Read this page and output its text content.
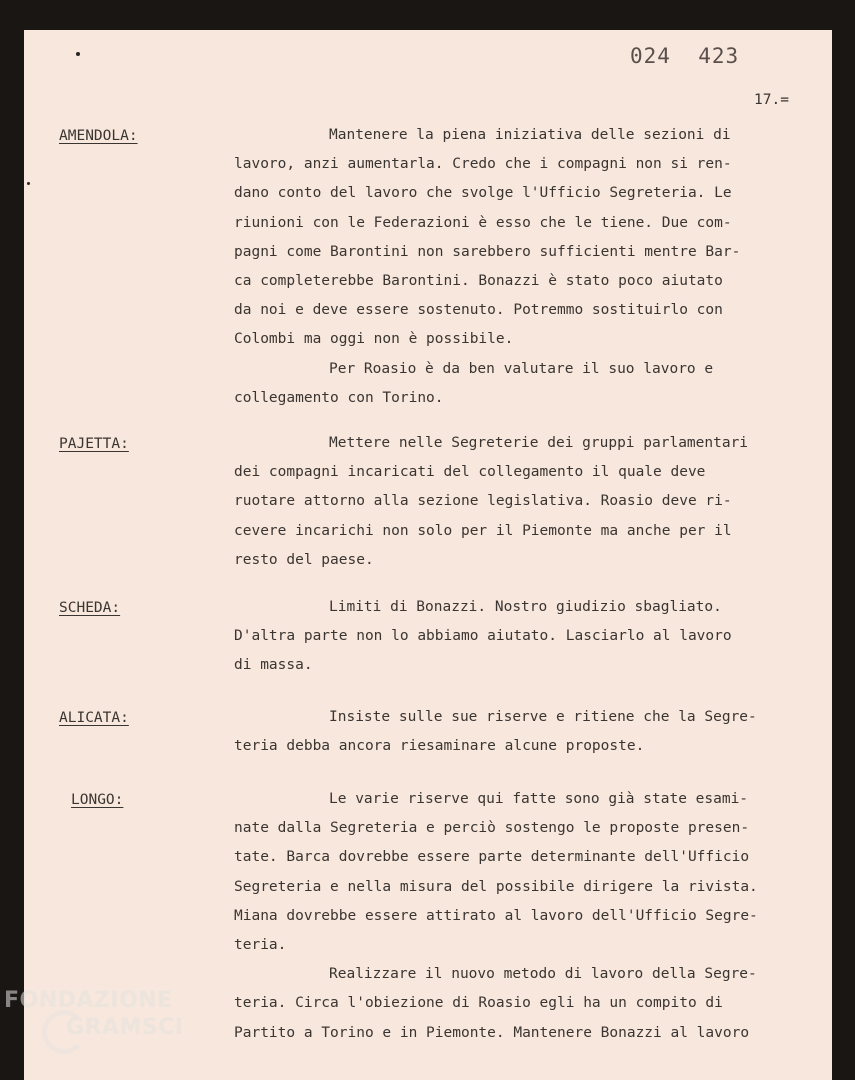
024  423
17.=
AMENDOLA:	Mantenere la piena iniziativa delle sezioni di
lavoro, anzi aumentarla. Credo che i compagni non si ren-
dano conto del lavoro che svolge l'Ufficio Segreteria. Le
riunioni con le Federazioni è esso che le tiene. Due com-
pagni come Barontini non sarebbero sufficienti mentre Bar-
ca completerebbe Barontini. Bonazzi è stato poco aiutato
da noi e deve essere sostenuto. Potremmo sostituirlo con
Colombi ma oggi non è possibile.
Per Roasio è da ben valutare il suo lavoro e
collegamento con Torino.
PAJETTA:	Mettere nelle Segreterie dei gruppi parlamentari
dei compagni incaricati del collegamento il quale deve
ruotare attorno alla sezione legislativa. Roasio deve ri-
cevere incarichi non solo per il Piemonte ma anche per il
resto del paese.
SCHEDA:	Limiti di Bonazzi. Nostro giudizio sbagliato.
D'altra parte non lo abbiamo aiutato. Lasciarlo al lavoro
di massa.
ALICATA:	Insiste sulle sue riserve e ritiene che la Segre-
teria debba ancora riesaminare alcune proposte.
LONGO:	Le varie riserve qui fatte sono già state esami-
nate dalla Segreteria e perciò sostengo le proposte presen-
tate. Barca dovrebbe essere parte determinante dell'Ufficio
Segreteria e nella misura del possibile dirigere la rivista.
Miana dovrebbe essere attirato al lavoro dell'Ufficio Segre-
teria.
Realizzare il nuovo metodo di lavoro della Segre-
teria. Circa l'obiezione di Roasio egli ha un compito di
Partito a Torino e in Piemonte. Mantenere Bonazzi al lavoro
FONDAZIONE
GRAMSCI
